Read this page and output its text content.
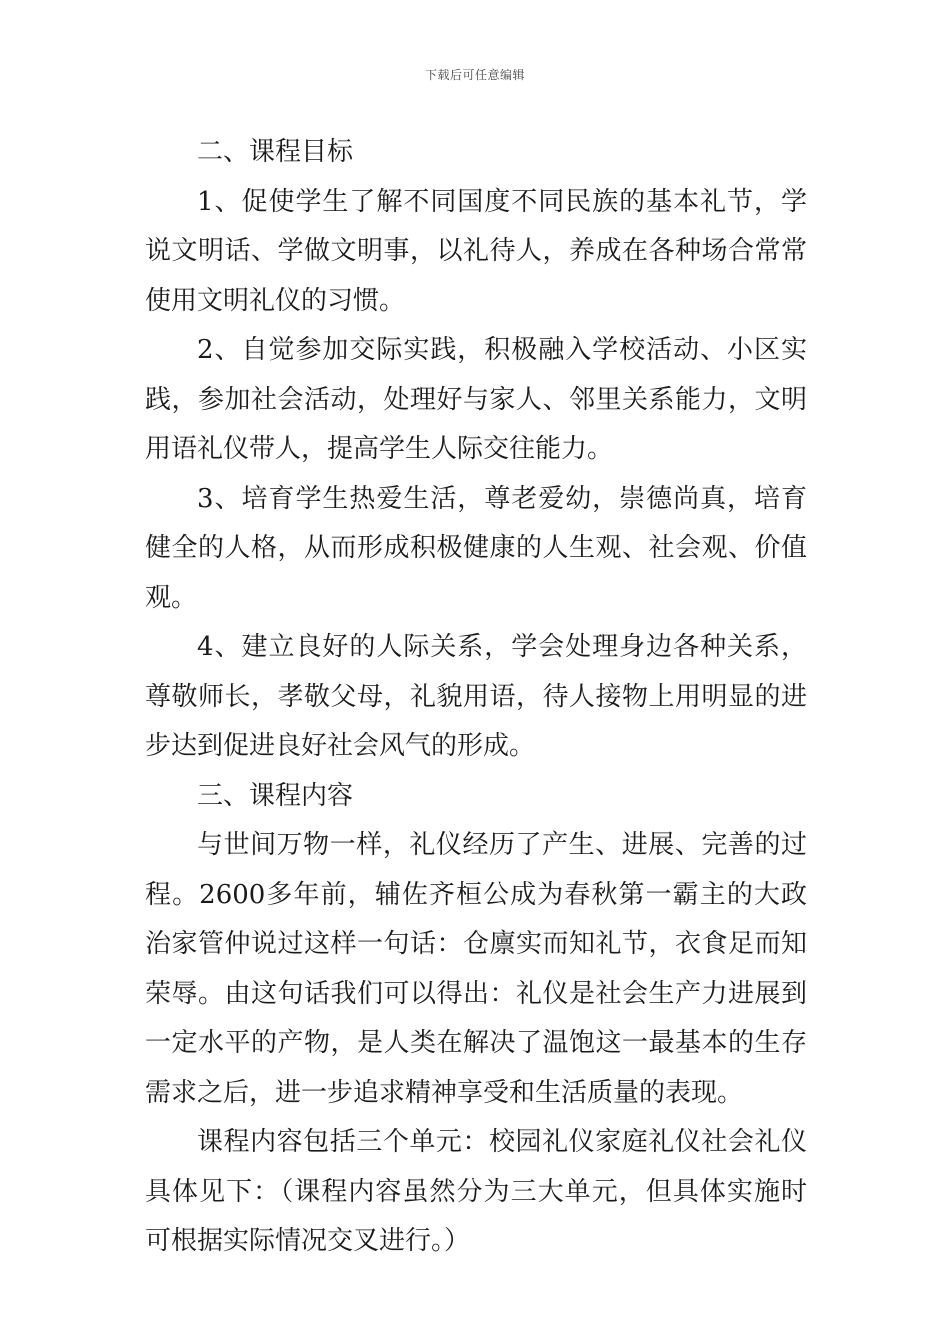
下载后可任意编辑

二、课程目标

1、促使学生了解不同国度不同民族的基本礼节，学说文明话、学做文明事，以礼待人，养成在各种场合常常使用文明礼仪的习惯。

2、自觉参加交际实践，积极融入学校活动、小区实践，参加社会活动，处理好与家人、邻里关系能力，文明用语礼仪带人，提高学生人际交往能力。

3、培育学生热爱生活，尊老爱幼，崇德尚真，培育健全的人格，从而形成积极健康的人生观、社会观、价值观。

4、建立良好的人际关系，学会处理身边各种关系，尊敬师长，孝敬父母，礼貌用语，待人接物上用明显的进步达到促进良好社会风气的形成。

三、课程内容

与世间万物一样，礼仪经历了产生、进展、完善的过程。2600多年前，辅佐齐桓公成为春秋第一霸主的大政治家管仲说过这样一句话：仓廪实而知礼节，衣食足而知荣辱。由这句话我们可以得出：礼仪是社会生产力进展到一定水平的产物，是人类在解决了温饱这一最基本的生存需求之后，进一步追求精神享受和生活质量的表现。

课程内容包括三个单元：校园礼仪家庭礼仪社会礼仪具体见下：（课程内容虽然分为三大单元，但具体实施时可根据实际情况交叉进行。）
